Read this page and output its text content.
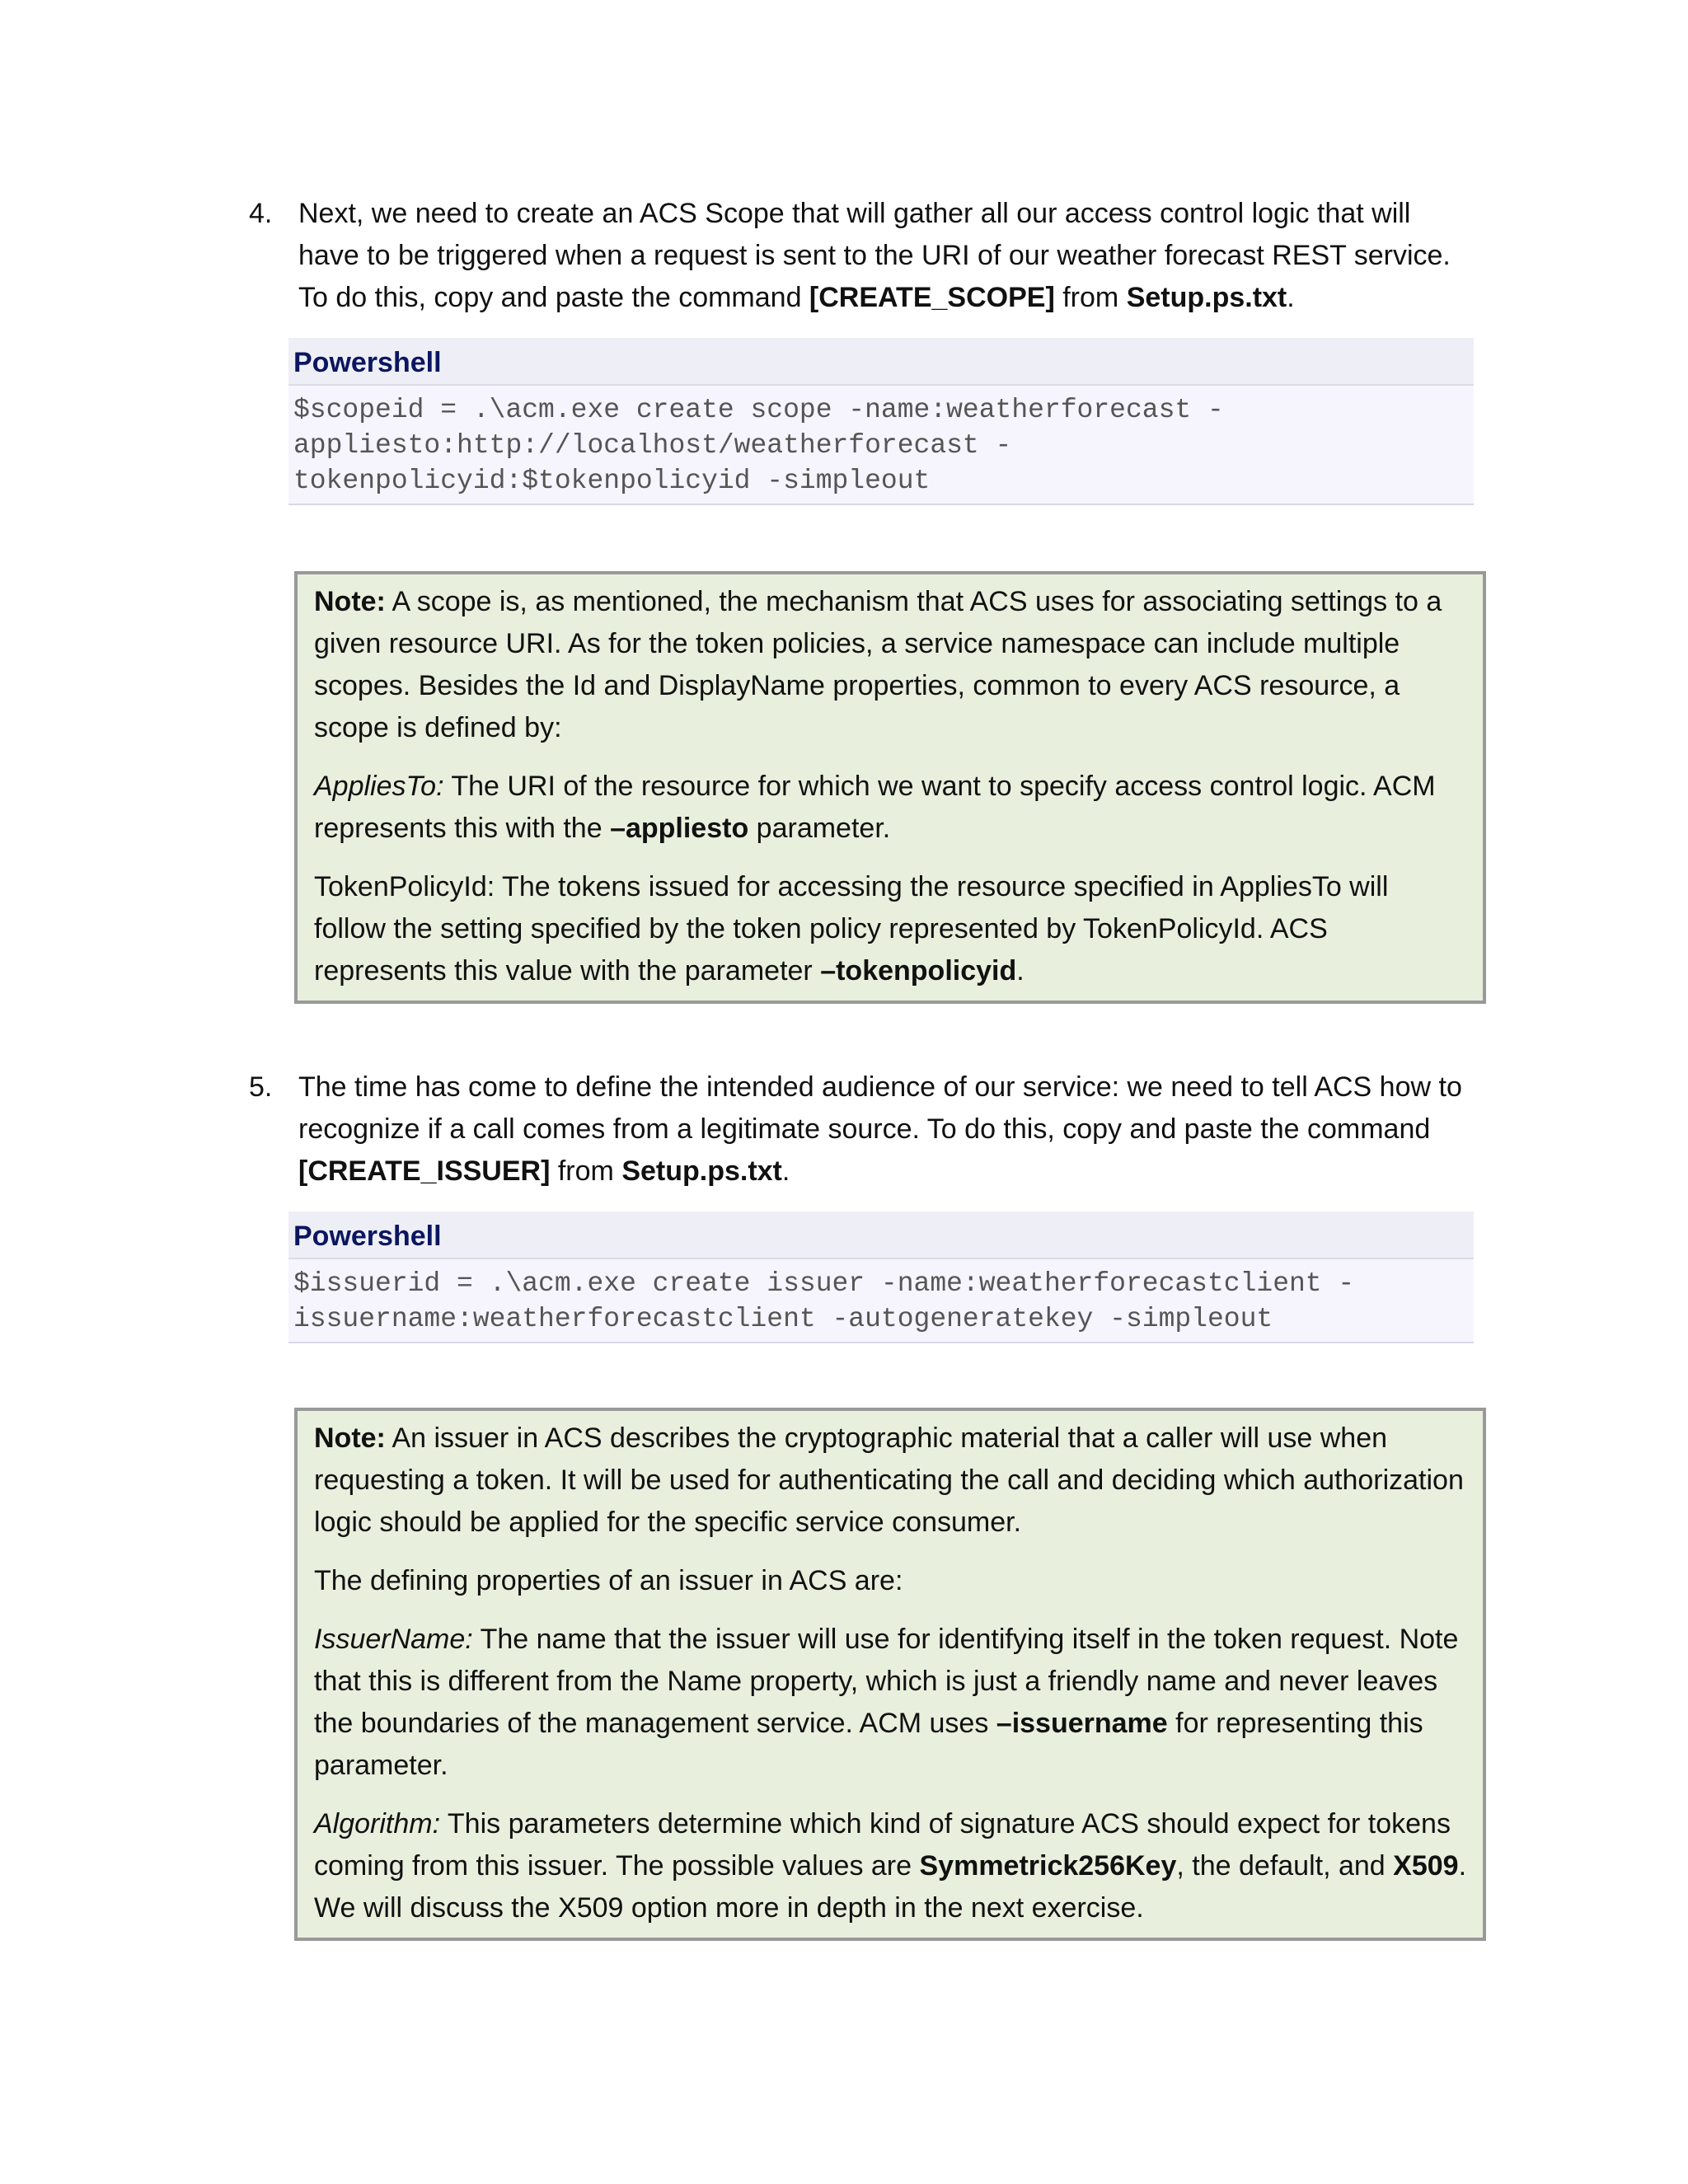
4. Next, we need to create an ACS Scope that will gather all our access control logic that will have to be triggered when a request is sent to the URI of our weather forecast REST service. To do this, copy and paste the command [CREATE_SCOPE] from Setup.ps.txt.
Powershell
$scopeid = .\acm.exe create scope -name:weatherforecast -
appliesto:http://localhost/weatherforecast -
tokenpolicyid:$tokenpolicyid -simpleout

Note: A scope is, as mentioned, the mechanism that ACS uses for associating settings to a given resource URI. As for the token policies, a service namespace can include multiple scopes. Besides the Id and DisplayName properties, common to every ACS resource, a scope is defined by:

AppliesTo: The URI of the resource for which we want to specify access control logic. ACM represents this with the –appliesto parameter.

TokenPolicyId: The tokens issued for accessing the resource specified in AppliesTo will follow the setting specified by the token policy represented by TokenPolicyId. ACS represents this value with the parameter –tokenpolicyid.

5. The time has come to define the intended audience of our service: we need to tell ACS how to recognize if a call comes from a legitimate source. To do this, copy and paste the command [CREATE_ISSUER] from Setup.ps.txt.
Powershell
$issuerid = .\acm.exe create issuer -name:weatherforecastclient -
issuername:weatherforecastclient -autogeneratekey -simpleout

Note: An issuer in ACS describes the cryptographic material that a caller will use when requesting a token. It will be used for authenticating the call and deciding which authorization logic should be applied for the specific service consumer.

The defining properties of an issuer in ACS are:

IssuerName: The name that the issuer will use for identifying itself in the token request. Note that this is different from the Name property, which is just a friendly name and never leaves the boundaries of the management service. ACM uses –issuername for representing this parameter.

Algorithm: This parameters determine which kind of signature ACS should expect for tokens coming from this issuer. The possible values are Symmetrick256Key, the default, and X509. We will discuss the X509 option more in depth in the next exercise.
